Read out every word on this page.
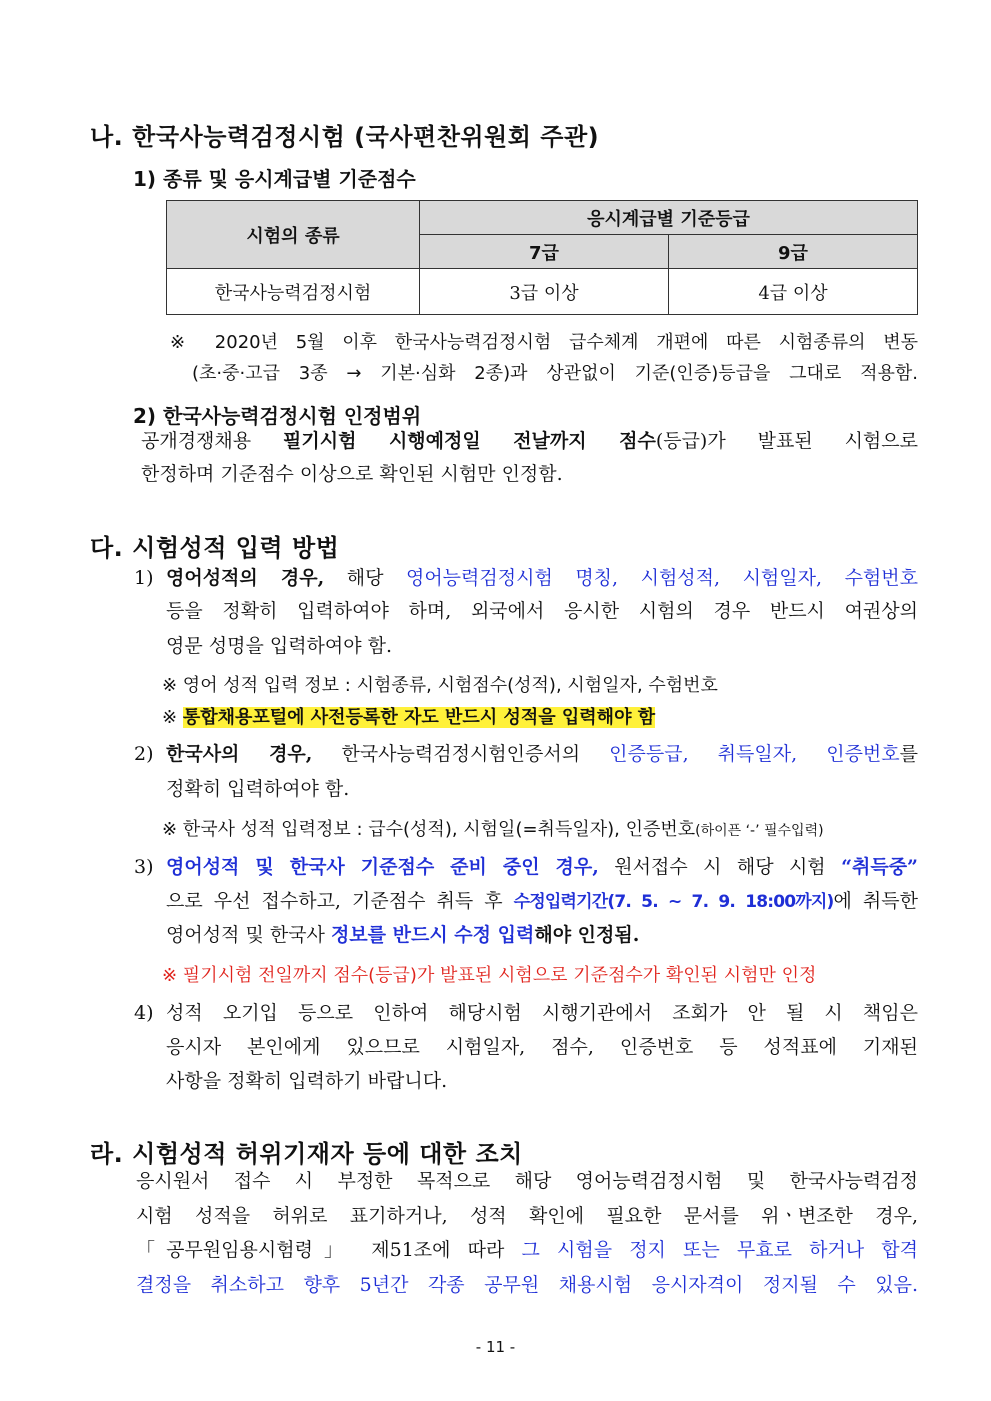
나. 한국사능력검정시험 (국사편찬위원회 주관)
1) 종류 및 응시계급별 기준점수
시험의 종류	응시계급별 기준등급	
	7급	9급
한국사능력검정시험	3급 이상	4급 이상
※ 2020년 5월 이후 한국사능력검정시험 급수체계 개편에 따른 시험종류의 변동
(초·중·고급 3종 → 기본·심화 2종)과 상관없이 기준(인증)등급을 그대로 적용함.
2) 한국사능력검정시험 인정범위
공개경쟁채용 필기시험 시행예정일 전날까지 점수(등급)가 발표된 시험으로
한정하며 기준점수 이상으로 확인된 시험만 인정함.
다. 시험성적 입력 방법
1) 영어성적의 경우, 해당 영어능력검정시험 명칭, 시험성적, 시험일자, 수험번호
등을 정확히 입력하여야 하며, 외국에서 응시한 시험의 경우 반드시 여권상의
영문 성명을 입력하여야 함.
※ 영어 성적 입력 정보 : 시험종류, 시험점수(성적), 시험일자, 수험번호
※ 통합채용포털에 사전등록한 자도 반드시 성적을 입력해야 함
2) 한국사의 경우, 한국사능력검정시험인증서의 인증등급, 취득일자, 인증번호를
정확히 입력하여야 함.
※ 한국사 성적 입력정보 : 급수(성적), 시험일(=취득일자), 인증번호(하이픈 ‘-’ 필수입력)
3) 영어성적 및 한국사 기준점수 준비 중인 경우, 원서접수 시 해당 시험 “취득중”
으로 우선 접수하고, 기준점수 취득 후 수정입력기간(7. 5. ~ 7. 9. 18:00까지)에 취득한
영어성적 및 한국사 정보를 반드시 수정 입력해야 인정됨.
※ 필기시험 전일까지 점수(등급)가 발표된 시험으로 기준점수가 확인된 시험만 인정
4) 성적 오기입 등으로 인하여 해당시험 시행기관에서 조회가 안 될 시 책임은
응시자 본인에게 있으므로 시험일자, 점수, 인증번호 등 성적표에 기재된
사항을 정확히 입력하기 바랍니다.
라. 시험성적 허위기재자 등에 대한 조치
응시원서 접수 시 부정한 목적으로 해당 영어능력검정시험 및 한국사능력검정
시험 성적을 허위로 표기하거나, 성적 확인에 필요한 문서를 위ㆍ변조한 경우,
「공무원임용시험령」 제51조에 따라 그 시험을 정지 또는 무효로 하거나 합격
결정을 취소하고 향후 5년간 각종 공무원 채용시험 응시자격이 정지될 수 있음.
- 11 -
